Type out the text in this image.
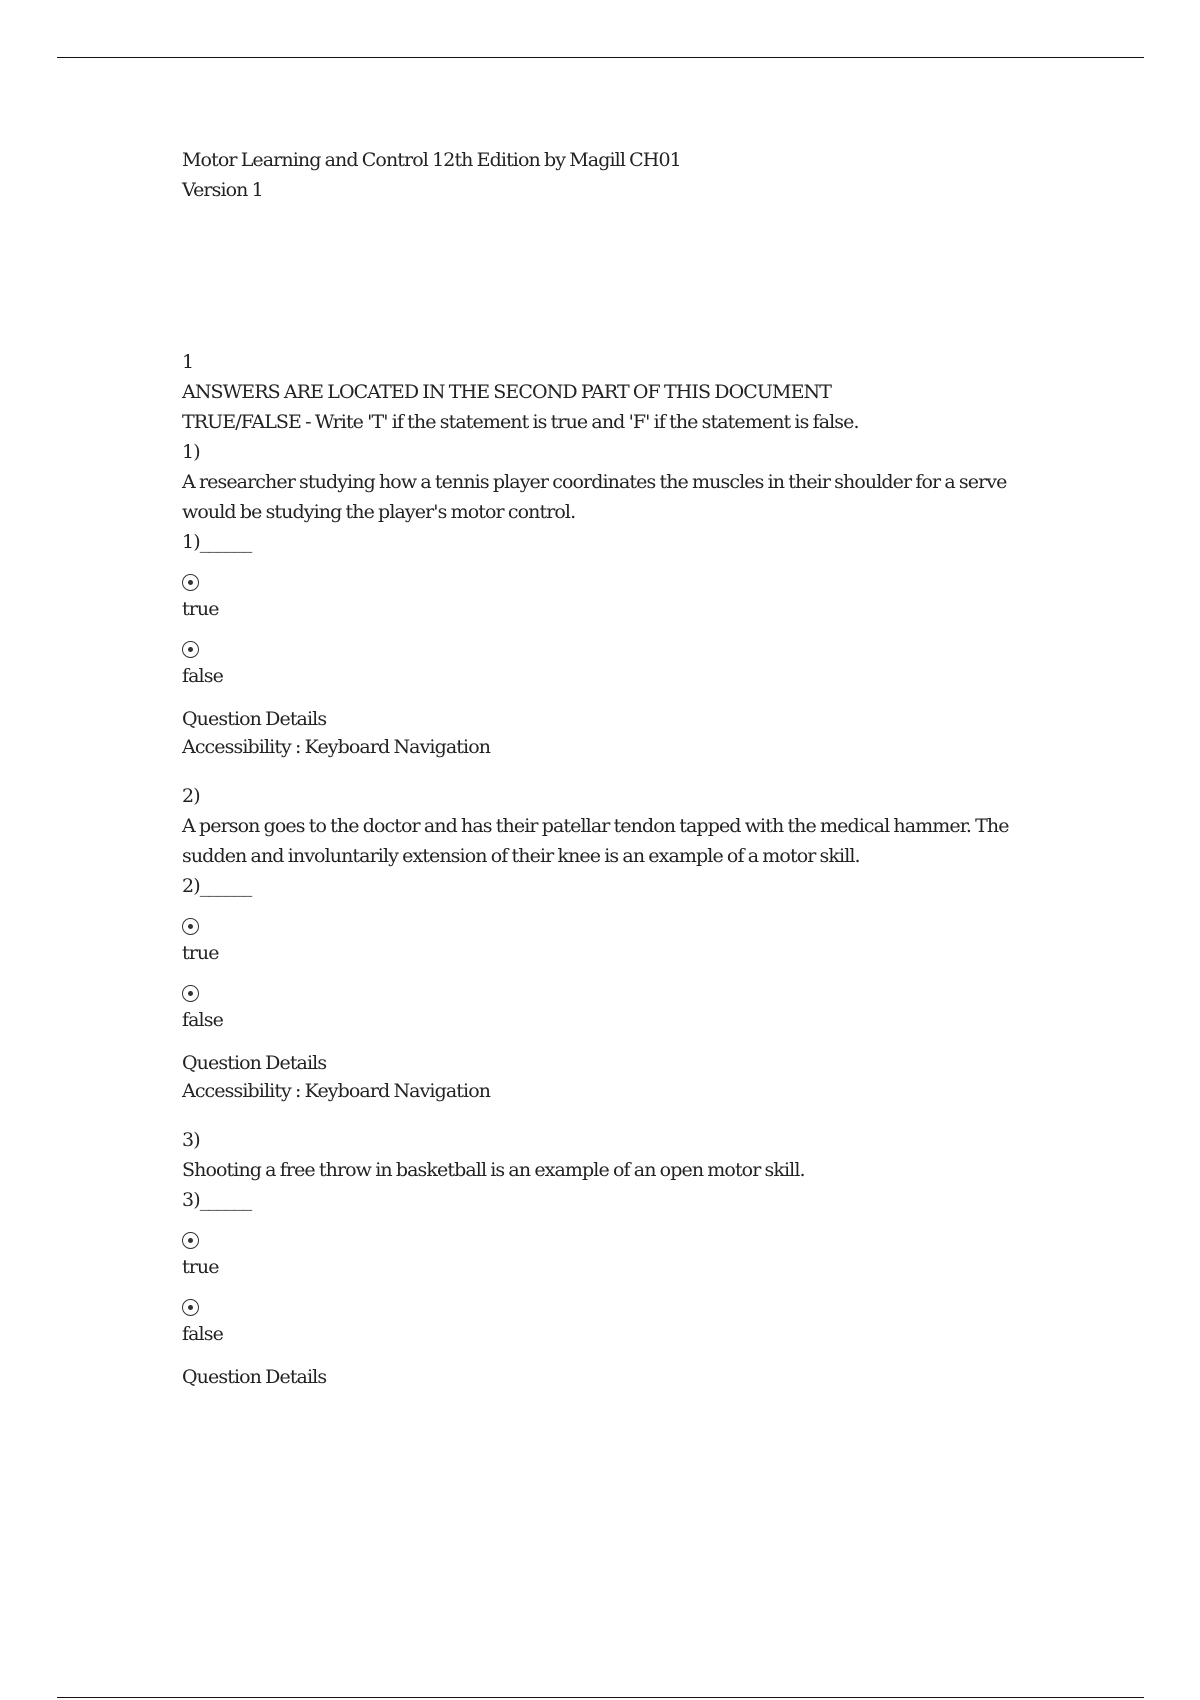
Motor Learning and Control 12th Edition by Magill CH01
Version 1
1
ANSWERS ARE LOCATED IN THE SECOND PART OF THIS DOCUMENT
TRUE/FALSE - Write 'T' if the statement is true and 'F' if the statement is false.
1)
A researcher studying how a tennis player coordinates the muscles in their shoulder for a serve would be studying the player's motor control.
1)______
true
false
Question Details
Accessibility : Keyboard Navigation
2)
A person goes to the doctor and has their patellar tendon tapped with the medical hammer. The sudden and involuntarily extension of their knee is an example of a motor skill.
2)______
true
false
Question Details
Accessibility : Keyboard Navigation
3)
Shooting a free throw in basketball is an example of an open motor skill.
3)______
true
false
Question Details
